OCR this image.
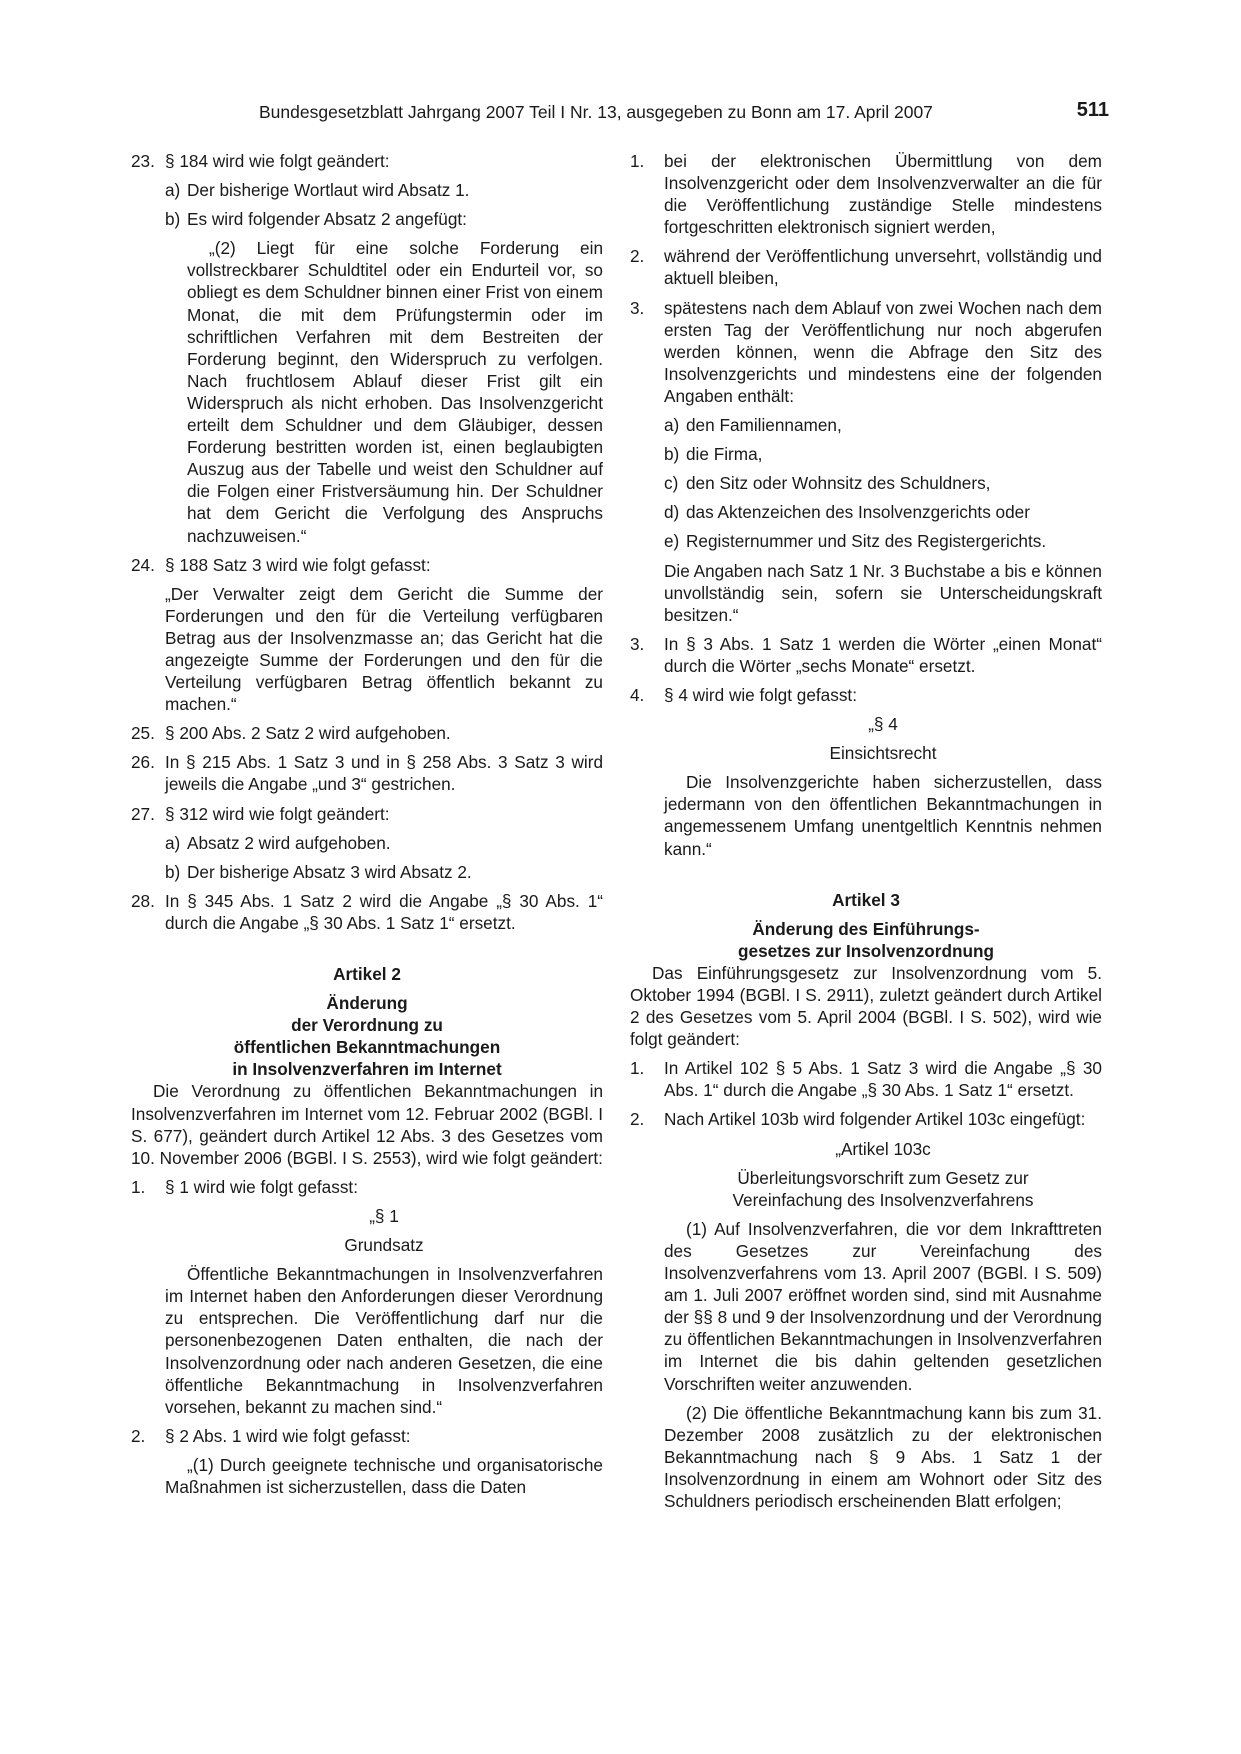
Bundesgesetzblatt Jahrgang 2007 Teil I Nr. 13, ausgegeben zu Bonn am 17. April 2007	511
23. § 184 wird wie folgt geändert:
a) Der bisherige Wortlaut wird Absatz 1.
b) Es wird folgender Absatz 2 angefügt:
„(2) Liegt für eine solche Forderung ein vollstreckbarer Schuldtitel oder ein Endurteil vor, so obliegt es dem Schuldner binnen einer Frist von einem Monat, die mit dem Prüfungstermin oder im schriftlichen Verfahren mit dem Bestreiten der Forderung beginnt, den Widerspruch zu verfolgen. Nach fruchtlosem Ablauf dieser Frist gilt ein Widerspruch als nicht erhoben. Das Insolvenzgericht erteilt dem Schuldner und dem Gläubiger, dessen Forderung bestritten worden ist, einen beglaubigten Auszug aus der Tabelle und weist den Schuldner auf die Folgen einer Fristversäumung hin. Der Schuldner hat dem Gericht die Verfolgung des Anspruchs nachzuweisen.“
24. § 188 Satz 3 wird wie folgt gefasst:
„Der Verwalter zeigt dem Gericht die Summe der Forderungen und den für die Verteilung verfügbaren Betrag aus der Insolvenzmasse an; das Gericht hat die angezeigte Summe der Forderungen und den für die Verteilung verfügbaren Betrag öffentlich bekannt zu machen.“
25. § 200 Abs. 2 Satz 2 wird aufgehoben.
26. In § 215 Abs. 1 Satz 3 und in § 258 Abs. 3 Satz 3 wird jeweils die Angabe „und 3“ gestrichen.
27. § 312 wird wie folgt geändert:
a) Absatz 2 wird aufgehoben.
b) Der bisherige Absatz 3 wird Absatz 2.
28. In § 345 Abs. 1 Satz 2 wird die Angabe „§ 30 Abs. 1“ durch die Angabe „§ 30 Abs. 1 Satz 1“ ersetzt.
Artikel 2
Änderung
der Verordnung zu
öffentlichen Bekanntmachungen
in Insolvenzverfahren im Internet
Die Verordnung zu öffentlichen Bekanntmachungen in Insolvenzverfahren im Internet vom 12. Februar 2002 (BGBl. I S. 677), geändert durch Artikel 12 Abs. 3 des Gesetzes vom 10. November 2006 (BGBl. I S. 2553), wird wie folgt geändert:
1. § 1 wird wie folgt gefasst:
„§ 1
Grundsatz
Öffentliche Bekanntmachungen in Insolvenzverfahren im Internet haben den Anforderungen dieser Verordnung zu entsprechen. Die Veröffentlichung darf nur die personenbezogenen Daten enthalten, die nach der Insolvenzordnung oder nach anderen Gesetzen, die eine öffentliche Bekanntmachung in Insolvenzverfahren vorsehen, bekannt zu machen sind.“
2. § 2 Abs. 1 wird wie folgt gefasst:
„(1) Durch geeignete technische und organisatorische Maßnahmen ist sicherzustellen, dass die Daten
1. bei der elektronischen Übermittlung von dem Insolvenzgericht oder dem Insolvenzverwalter an die für die Veröffentlichung zuständige Stelle mindestens fortgeschritten elektronisch signiert werden,
2. während der Veröffentlichung unversehrt, vollständig und aktuell bleiben,
3. spätestens nach dem Ablauf von zwei Wochen nach dem ersten Tag der Veröffentlichung nur noch abgerufen werden können, wenn die Abfrage den Sitz des Insolvenzgerichts und mindestens eine der folgenden Angaben enthält:
a) den Familiennamen,
b) die Firma,
c) den Sitz oder Wohnsitz des Schuldners,
d) das Aktenzeichen des Insolvenzgerichts oder
e) Registernummer und Sitz des Registergerichts.
Die Angaben nach Satz 1 Nr. 3 Buchstabe a bis e können unvollständig sein, sofern sie Unterscheidungskraft besitzen.“
3. In § 3 Abs. 1 Satz 1 werden die Wörter „einen Monat“ durch die Wörter „sechs Monate“ ersetzt.
4. § 4 wird wie folgt gefasst:
„§ 4
Einsichtsrecht
Die Insolvenzgerichte haben sicherzustellen, dass jedermann von den öffentlichen Bekanntmachungen in angemessenem Umfang unentgeltlich Kenntnis nehmen kann.“
Artikel 3
Änderung des Einführungs-
gesetzes zur Insolvenzordnung
Das Einführungsgesetz zur Insolvenzordnung vom 5. Oktober 1994 (BGBl. I S. 2911), zuletzt geändert durch Artikel 2 des Gesetzes vom 5. April 2004 (BGBl. I S. 502), wird wie folgt geändert:
1. In Artikel 102 § 5 Abs. 1 Satz 3 wird die Angabe „§ 30 Abs. 1“ durch die Angabe „§ 30 Abs. 1 Satz 1“ ersetzt.
2. Nach Artikel 103b wird folgender Artikel 103c eingefügt:
„Artikel 103c
Überleitungsvorschrift zum Gesetz zur
Vereinfachung des Insolvenzverfahrens
(1) Auf Insolvenzverfahren, die vor dem Inkrafttreten des Gesetzes zur Vereinfachung des Insolvenzverfahrens vom 13. April 2007 (BGBl. I S. 509) am 1. Juli 2007 eröffnet worden sind, sind mit Ausnahme der §§ 8 und 9 der Insolvenzordnung und der Verordnung zu öffentlichen Bekanntmachungen in Insolvenzverfahren im Internet die bis dahin geltenden gesetzlichen Vorschriften weiter anzuwenden.
(2) Die öffentliche Bekanntmachung kann bis zum 31. Dezember 2008 zusätzlich zu der elektronischen Bekanntmachung nach § 9 Abs. 1 Satz 1 der Insolvenzordnung in einem am Wohnort oder Sitz des Schuldners periodisch erscheinenden Blatt erfolgen;
